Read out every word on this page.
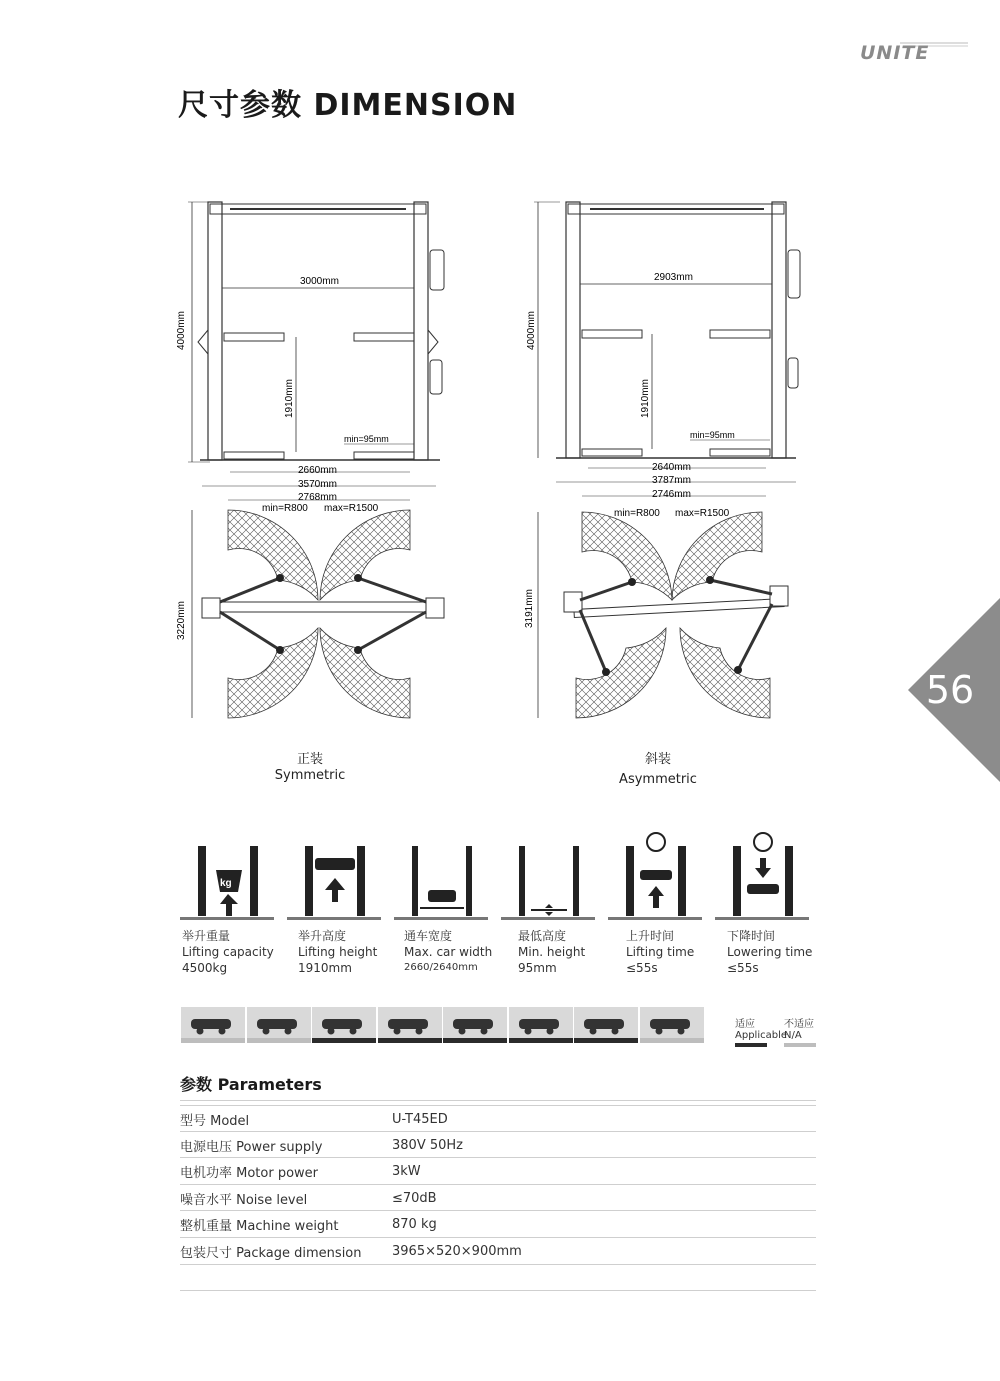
UNITE
尺寸参数 DIMENSION
56
4000mm
3000mm
1910mm
min=95mm
2660mm
3570mm
2768mm
min=R800 max=R1500
3220mm
4000mm
2903mm
1910mm
min=95mm
2640mm
3787mm
2746mm
min=R800 max=R1500
3191mm
正装
Symmetric
斜装
Asymmetric
kg
举升重量
Lifting capacity
4500kg
举升高度
Lifting height
1910mm
通车宽度
Max. car width
2660/2640mm
最低高度
Min. height
95mm
上升时间
Lifting time
≤55s
下降时间
Lowering time
≤55s
适应
Applicable
不适应
N/A
参数 Parameters
型号 Model	U-T45ED
电源电压 Power supply	380V 50Hz
电机功率 Motor power	3kW
噪音水平 Noise level	≤70dB
整机重量 Machine weight	870 kg
包装尺寸 Package dimension 3965×520×900mm
